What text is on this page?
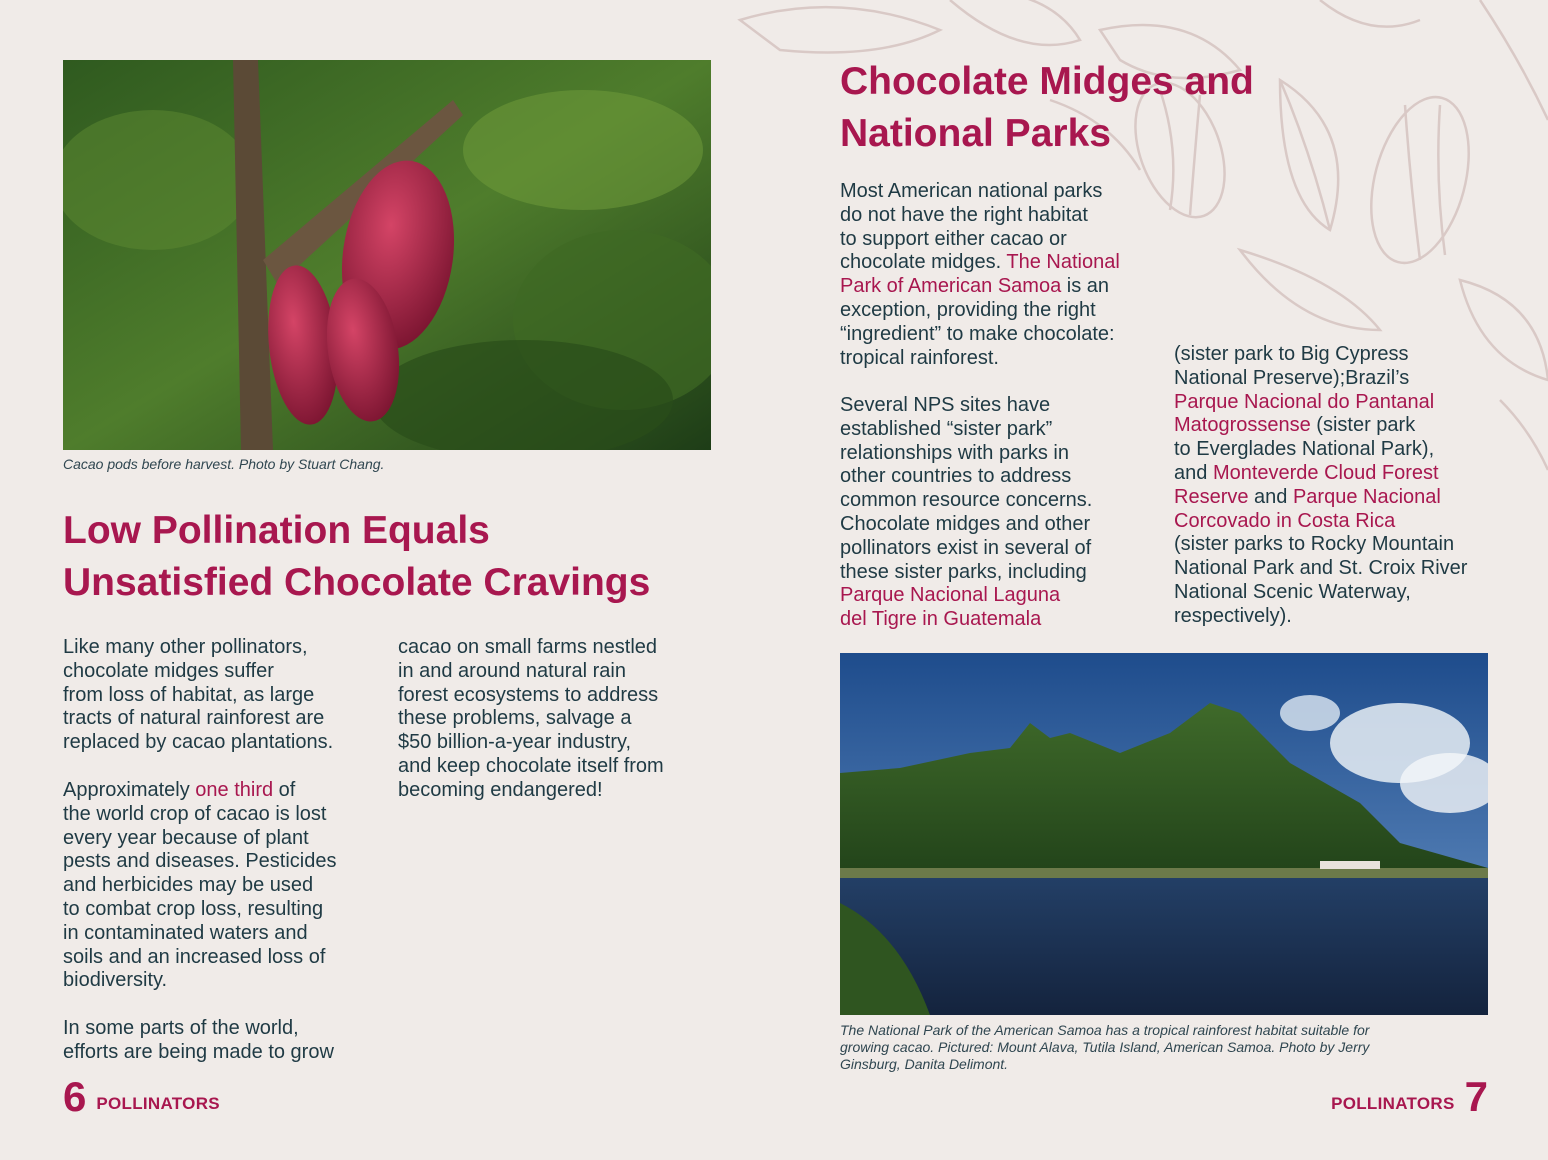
Cacao pods before harvest. Photo by Stuart Chang.

Low Pollination Equals
Unsatisfied Chocolate Cravings

Like many other pollinators,
chocolate midges suffer
from loss of habitat, as large
tracts of natural rainforest are
replaced by cacao plantations.

Approximately one third of
the world crop of cacao is lost
every year because of plant
pests and diseases. Pesticides
and herbicides may be used
to combat crop loss, resulting
in contaminated waters and
soils and an increased loss of
biodiversity.

In some parts of the world,
efforts are being made to grow

cacao on small farms nestled
in and around natural rain
forest ecosystems to address
these problems, salvage a
$50 billion-a-year industry,
and keep chocolate itself from
becoming endangered!

6 POLLINATORS
Chocolate Midges and
National Parks

Most American national parks
do not have the right habitat
to support either cacao or
chocolate midges. The National
Park of American Samoa is an
exception, providing the right
“ingredient” to make chocolate:
tropical rainforest.

Several NPS sites have
established “sister park”
relationships with parks in
other countries to address
common resource concerns.
Chocolate midges and other
pollinators exist in several of
these sister parks, including
Parque Nacional Laguna
del Tigre in Guatemala

(sister park to Big Cypress
National Preserve);Brazil’s
Parque Nacional do Pantanal
Matogrossense (sister park
to Everglades National Park),
and Monteverde Cloud Forest
Reserve and Parque Nacional
Corcovado in Costa Rica
(sister parks to Rocky Mountain
National Park and St. Croix River
National Scenic Waterway,
respectively).

The National Park of the American Samoa has a tropical rainforest habitat suitable for
growing cacao. Pictured: Mount Alava, Tutila Island, American Samoa. Photo by Jerry
Ginsburg, Danita Delimont.

POLLINATORS 7
